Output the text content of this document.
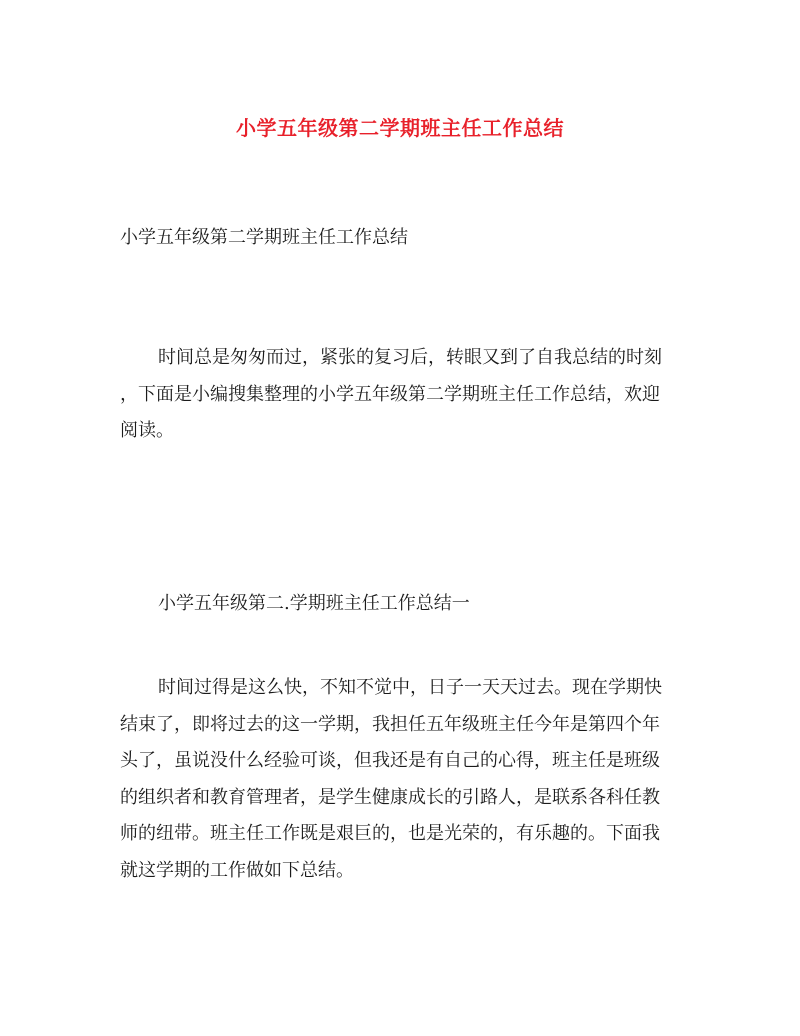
小学五年级第二学期班主任工作总结
小学五年级第二学期班主任工作总结
时间总是匆匆而过，紧张的复习后，转眼又到了自我总结的时刻
，下面是小编搜集整理的小学五年级第二学期班主任工作总结，欢迎
阅读。
小学五年级第二.学期班主任工作总结一
时间过得是这么快，不知不觉中，日子一天天过去。现在学期快
结束了，即将过去的这一学期，我担任五年级班主任今年是第四个年
头了，虽说没什么经验可谈，但我还是有自己的心得，班主任是班级
的组织者和教育管理者，是学生健康成长的引路人，是联系各科任教
师的纽带。班主任工作既是艰巨的，也是光荣的，有乐趣的。下面我
就这学期的工作做如下总结。
